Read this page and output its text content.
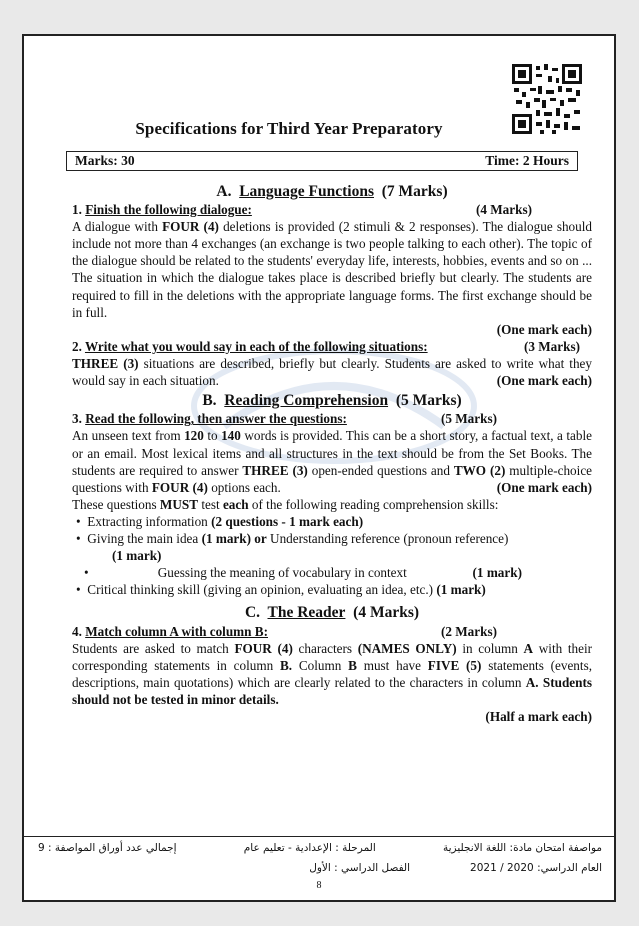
Specifications for Third Year Preparatory
Marks: 30	Time: 2 Hours
A. Language Functions (7 Marks)
1. Finish the following dialogue:	(4 Marks)

A dialogue with FOUR (4) deletions is provided (2 stimuli & 2 responses). The dialogue should include not more than 4 exchanges (an exchange is two people talking to each other). The topic of the dialogue should be related to the students' everyday life, interests, hobbies, events and so on ... The situation in which the dialogue takes place is described briefly but clearly. The students are required to fill in the deletions with the appropriate language forms. The first exchange should be in full.

(One mark each)
2. Write what you would say in each of the following situations:	(3 Marks)

THREE (3) situations are described, briefly but clearly. Students are asked to write what they would say in each situation.	(One mark each)
B. Reading Comprehension (5 Marks)
3. Read the following, then answer the questions:	(5 Marks)

An unseen text from 120 to 140 words is provided. This can be a short story, a factual text, a table or an email. Most lexical items and all structures in the text should be from the Set Books. The students are required to answer THREE (3) open-ended questions and TWO (2) multiple-choice questions with FOUR (4) options each.	(One mark each)

These questions MUST test each of the following reading comprehension skills:

• Extracting information (2 questions - 1 mark each)
• Giving the main idea (1 mark) or Understanding reference (pronoun reference)
(1 mark)
• Guessing the meaning of vocabulary in context	(1 mark)
• Critical thinking skill (giving an opinion, evaluating an idea, etc.) (1 mark)
C. The Reader (4 Marks)
4. Match column A with column B:	(2 Marks)

Students are asked to match FOUR (4) characters (NAMES ONLY) in column A with their corresponding statements in column B. Column B must have FIVE (5) statements (events, descriptions, main quotations) which are clearly related to the characters in column A. Students should not be tested in minor details.

(Half a mark each)
مواصفة امتحان مادة: اللغة الانجليزية
المرحلة : الإعدادية - تعليم عام
إجمالي عدد أوراق المواصفة : 9
العام الدراسي: 2020 / 2021
الفصل الدراسي : الأول
8
